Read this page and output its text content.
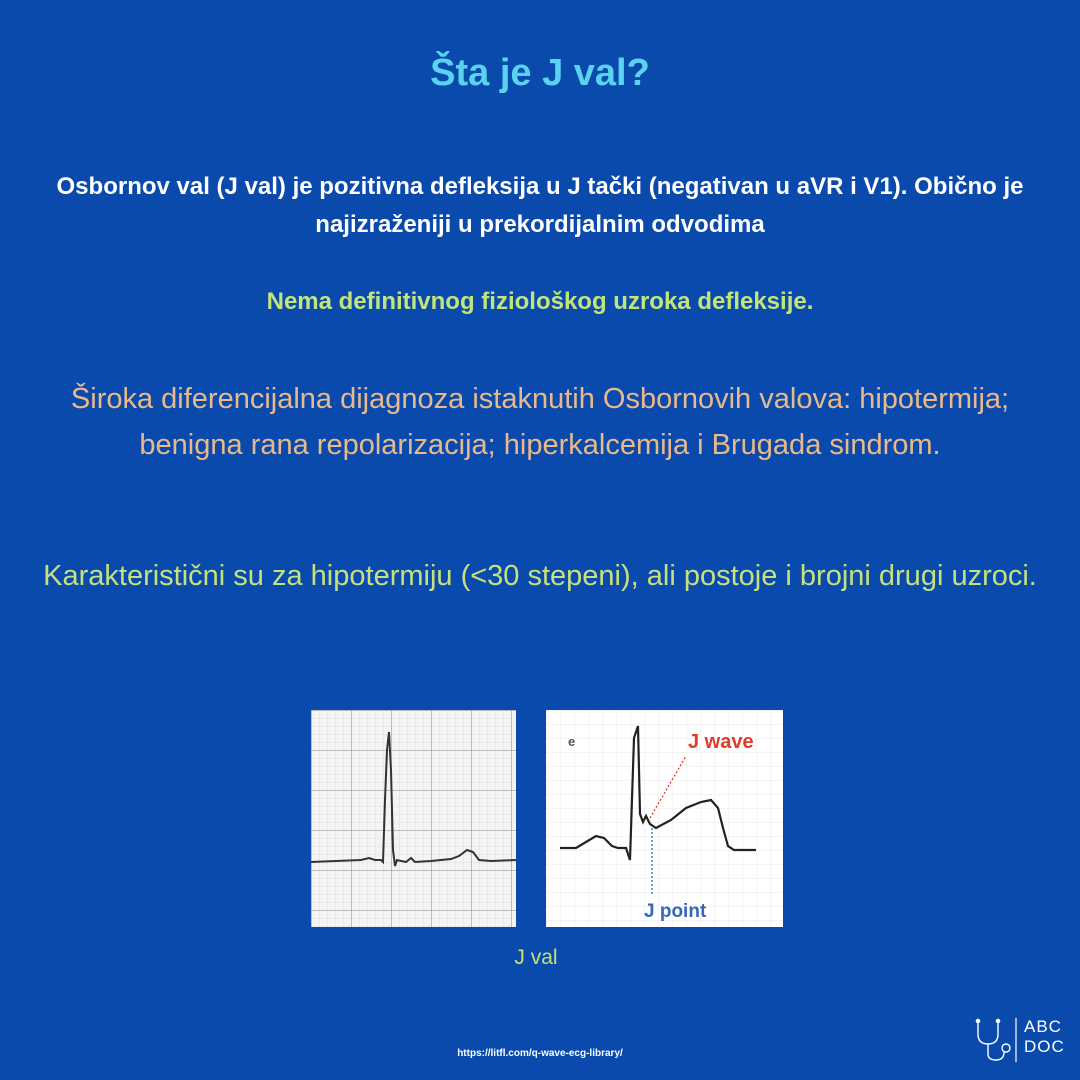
Šta je J val?
Osbornov val (J val) je pozitivna defleksija u J tački (negativan u aVR i V1). Obično je najizraženiji u prekordijalnim odvodima
Nema definitivnog fiziološkog uzroka defleksije.
Široka diferencijalna dijagnoza istaknutih Osbornovih valova: hipotermija; benigna rana repolarizacija; hiperkalcemija i Brugada sindrom.
Karakteristični su za hipotermiju (<30 stepeni), ali postoje i brojni drugi uzroci.
e	J wave
J point
J val
https://litfl.com/q-wave-ecg-library/
ABC
DOC
